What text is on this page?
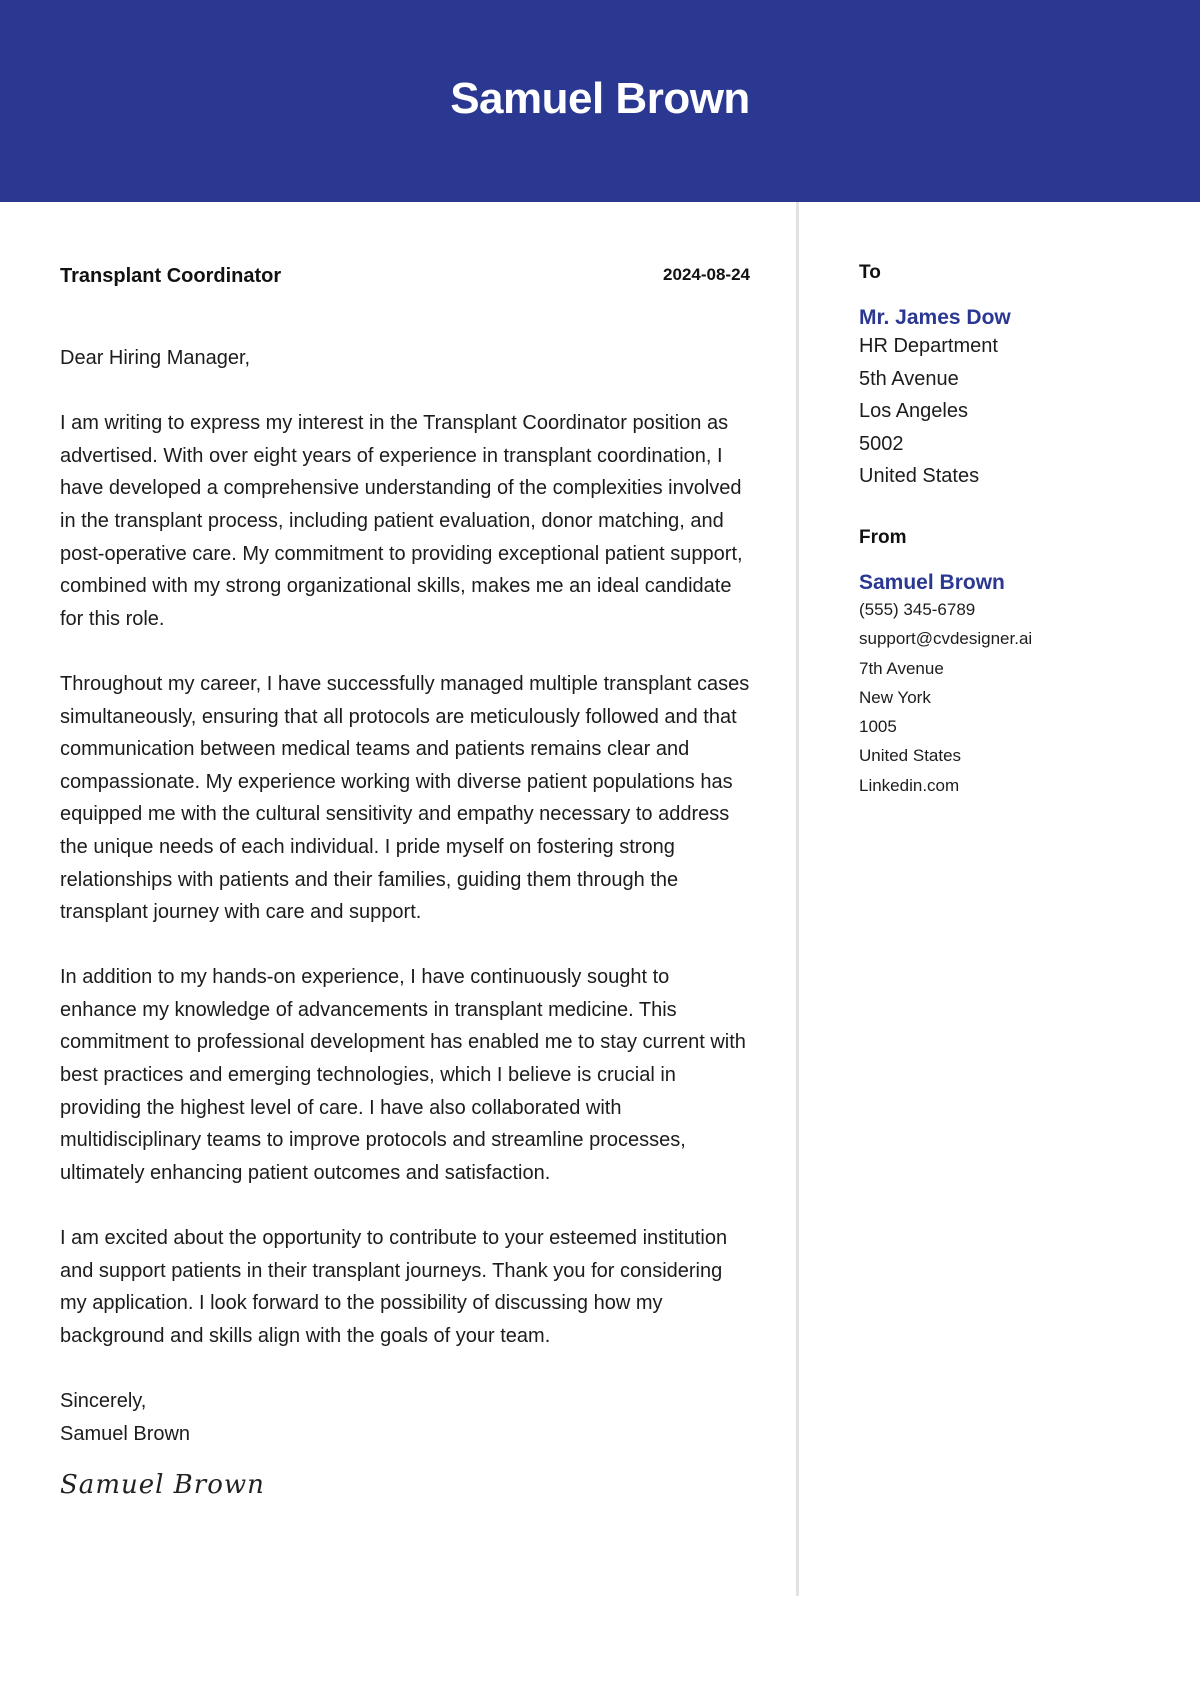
Samuel Brown
Transplant Coordinator	2024-08-24

Dear Hiring Manager,

I am writing to express my interest in the Transplant Coordinator position as advertised. With over eight years of experience in transplant coordination, I have developed a comprehensive understanding of the complexities involved in the transplant process, including patient evaluation, donor matching, and post-operative care. My commitment to providing exceptional patient support, combined with my strong organizational skills, makes me an ideal candidate for this role.

Throughout my career, I have successfully managed multiple transplant cases simultaneously, ensuring that all protocols are meticulously followed and that communication between medical teams and patients remains clear and compassionate. My experience working with diverse patient populations has equipped me with the cultural sensitivity and empathy necessary to address the unique needs of each individual. I pride myself on fostering strong relationships with patients and their families, guiding them through the transplant journey with care and support.

In addition to my hands-on experience, I have continuously sought to enhance my knowledge of advancements in transplant medicine. This commitment to professional development has enabled me to stay current with best practices and emerging technologies, which I believe is crucial in providing the highest level of care. I have also collaborated with multidisciplinary teams to improve protocols and streamline processes, ultimately enhancing patient outcomes and satisfaction.

I am excited about the opportunity to contribute to your esteemed institution and support patients in their transplant journeys. Thank you for considering my application. I look forward to the possibility of discussing how my background and skills align with the goals of your team.

Sincerely,
Samuel Brown
Samuel Brown

To

Mr. James Dow

HR Department
5th Avenue
Los Angeles
5002
United States

From

Samuel Brown

(555) 345-6789
support@cvdesigner.ai
7th Avenue
New York
1005
United States
Linkedin.com
